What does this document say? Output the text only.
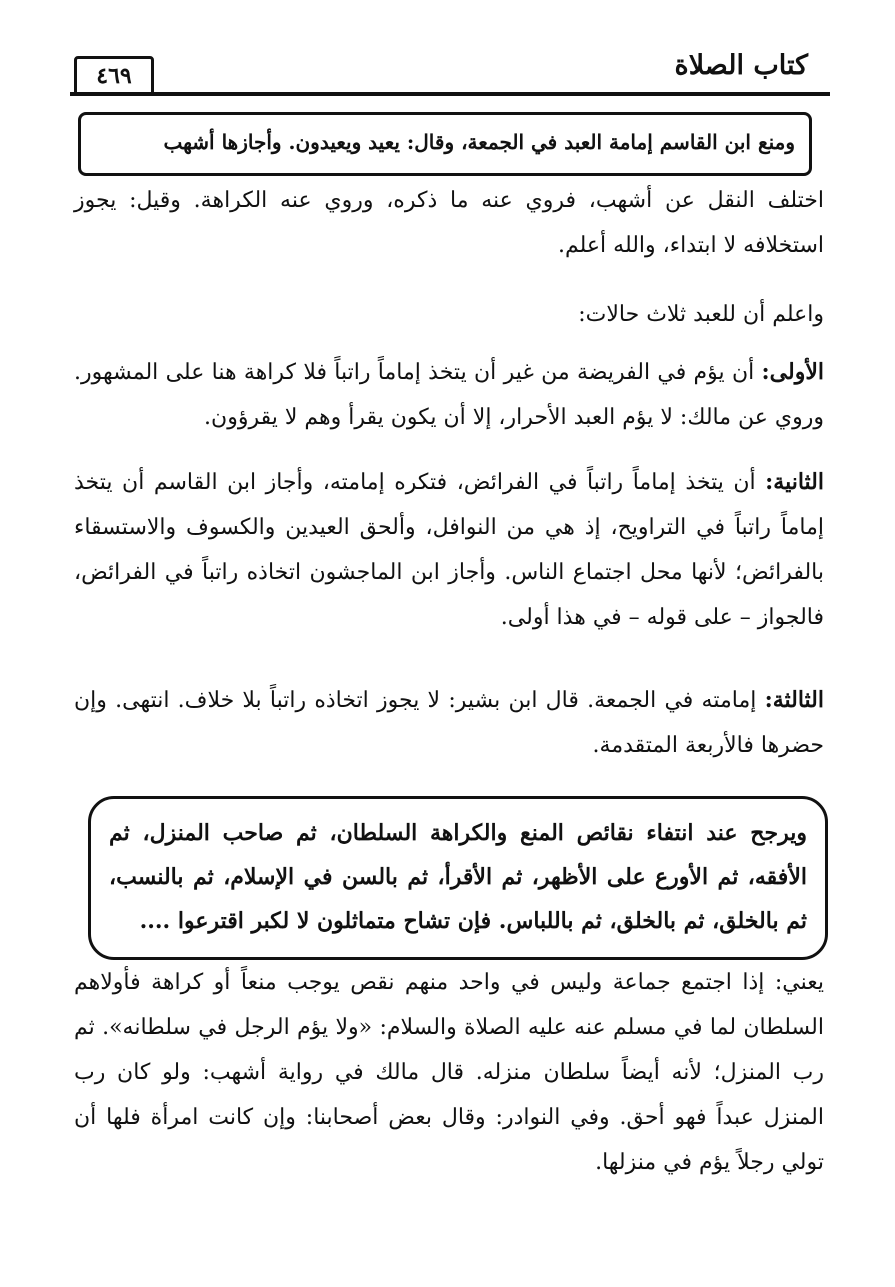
كتاب الصلاة
٤٦٩
ومنع ابن القاسم إمامة العبد في الجمعة، وقال: يعيد ويعيدون. وأجازها أشهب
اختلف النقل عن أشهب، فروي عنه ما ذكره، وروي عنه الكراهة. وقيل: يجوز استخلافه لا ابتداء، والله أعلم.
واعلم أن للعبد ثلاث حالات:
الأولى: أن يؤم في الفريضة من غير أن يتخذ إماماً راتباً فلا كراهة هنا على المشهور. وروي عن مالك: لا يؤم العبد الأحرار، إلا أن يكون يقرأ وهم لا يقرؤون.
الثانية: أن يتخذ إماماً راتباً في الفرائض، فتكره إمامته، وأجاز ابن القاسم أن يتخذ إماماً راتباً في التراويح، إذ هي من النوافل، وألحق العيدين والكسوف والاستسقاء بالفرائض؛ لأنها محل اجتماع الناس. وأجاز ابن الماجشون اتخاذه راتباً في الفرائض، فالجواز – على قوله – في هذا أولى.
الثالثة: إمامته في الجمعة. قال ابن بشير: لا يجوز اتخاذه راتباً بلا خلاف. انتهى. وإن حضرها فالأربعة المتقدمة.
ويرجح عند انتفاء نقائص المنع والكراهة السلطان، ثم صاحب المنزل، ثم الأفقه، ثم الأورع على الأظهر، ثم الأقرأ، ثم بالسن في الإسلام، ثم بالنسب، ثم بالخلق، ثم بالخلق، ثم باللباس. فإن تشاح متماثلون لا لكبر اقترعوا ....
يعني: إذا اجتمع جماعة وليس في واحد منهم نقص يوجب منعاً أو كراهة فأولاهم السلطان لما في مسلم عنه عليه الصلاة والسلام: «ولا يؤم الرجل في سلطانه». ثم رب المنزل؛ لأنه أيضاً سلطان منزله. قال مالك في رواية أشهب: ولو كان رب المنزل عبداً فهو أحق. وفي النوادر: وقال بعض أصحابنا: وإن كانت امرأة فلها أن تولي رجلاً يؤم في منزلها.
